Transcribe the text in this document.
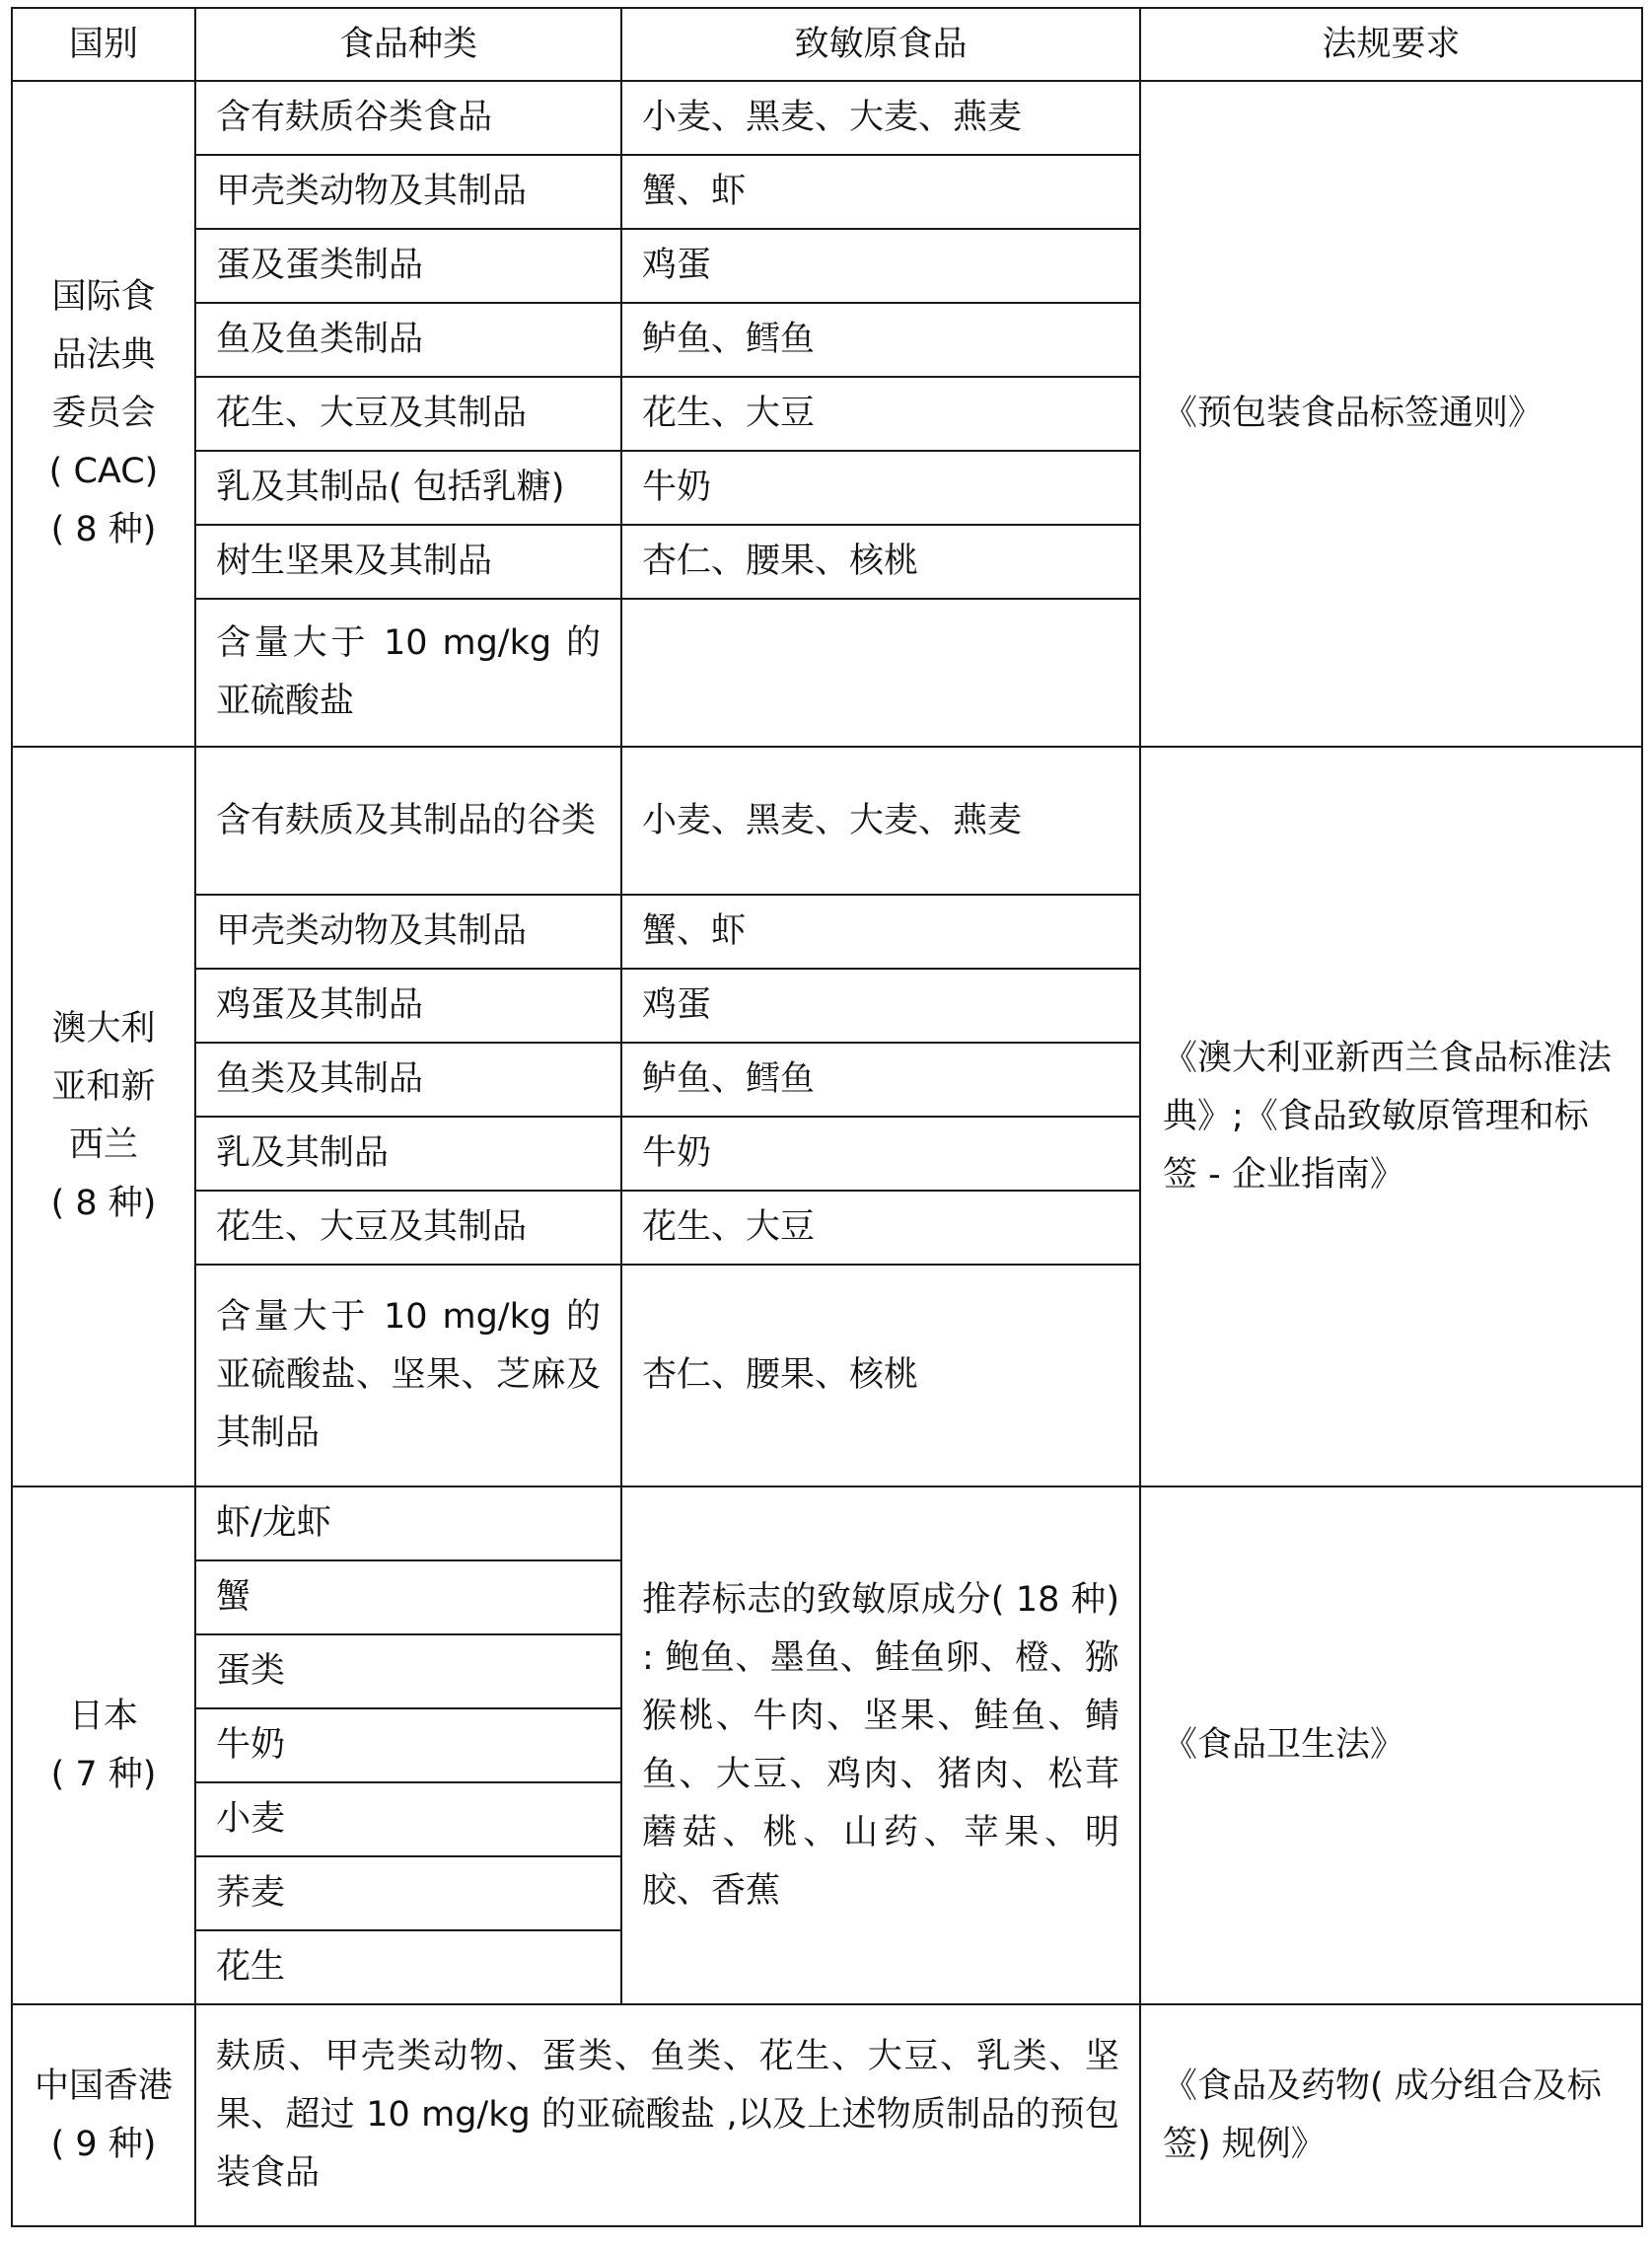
国别	食品种类	致敏原食品	法规要求

国际食
品法典
委员会
( CAC)
( 8 种)	含有麸质谷类食品	小麦、黑麦、大麦、燕麦	《预包装食品标签通则》
	甲壳类动物及其制品	蟹、虾	
	蛋及蛋类制品	鸡蛋	
	鱼及鱼类制品	鲈鱼、鳕鱼	
	花生、大豆及其制品	花生、大豆	
	乳及其制品( 包括乳糖)	牛奶	
	树生坚果及其制品	杏仁、腰果、核桃	
	含量大于 10 mg/kg 的亚硫酸盐		

澳大利
亚和新
西兰
( 8 种)	含有麸质及其制品的谷类	小麦、黑麦、大麦、燕麦	《澳大利亚新西兰食品标准法典》;《食品致敏原管理和标签 - 企业指南》
	甲壳类动物及其制品	蟹、虾	
	鸡蛋及其制品	鸡蛋	
	鱼类及其制品	鲈鱼、鳕鱼	
	乳及其制品	牛奶	
	花生、大豆及其制品	花生、大豆	
	含量大于 10 mg/kg 的亚硫酸盐、坚果、芝麻及其制品	杏仁、腰果、核桃	

日本
( 7 种)	虾/龙虾	推荐标志的致敏原成分( 18 种) : 鲍鱼、墨鱼、鲑鱼卵、橙、猕猴桃、牛肉、坚果、鲑鱼、鲭鱼、大豆、鸡肉、猪肉、松茸蘑菇、桃、山药、苹果、明胶、香蕉	《食品卫生法》
	蟹		
	蛋类		
	牛奶		
	小麦		
	荞麦		
	花生		

中国香港
( 9 种)	麸质、甲壳类动物、蛋类、鱼类、花生、大豆、乳类、坚果、超过 10 mg/kg 的亚硫酸盐 ,以及上述物质制品的预包装食品		《食品及药物( 成分组合及标签) 规例》
